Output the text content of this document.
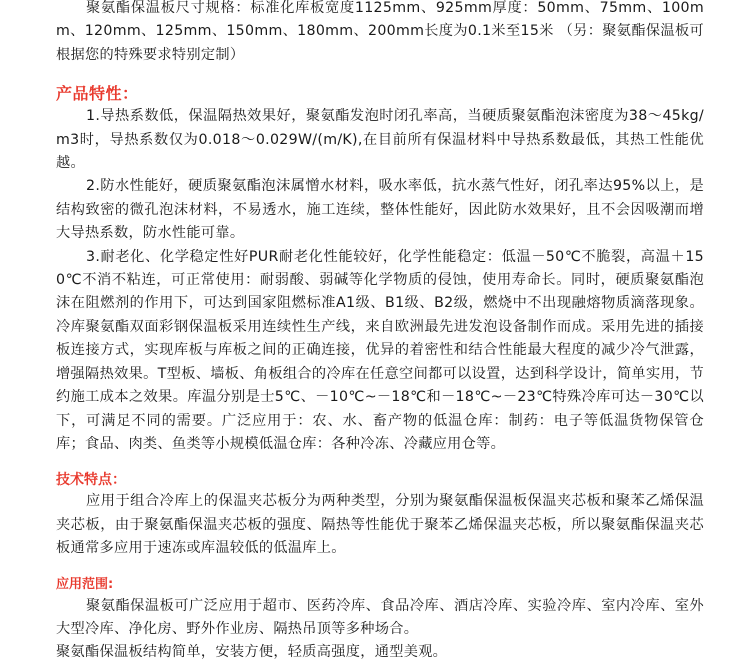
聚氨酯保温板尺寸规格：标准化库板宽度1125mm、925mm厚度：50mm、75mm、100mm、120mm、125mm、150mm、180mm、200mm长度为0.1米至15米 （另：聚氨酯保温板可根据您的特殊要求特别定制）

产品特性：

1.导热系数低，保温隔热效果好，聚氨酯发泡时闭孔率高，当硬质聚氨酯泡沫密度为38～45kg/m3时，导热系数仅为0.018～0.029W/(m/K),在目前所有保温材料中导热系数最低，其热工性能优越。

2.防水性能好，硬质聚氨酯泡沫属憎水材料，吸水率低，抗水蒸气性好，闭孔率达95%以上，是结构致密的微孔泡沫材料，不易透水，施工连续，整体性能好，因此防水效果好，且不会因吸潮而增大导热系数，防水性能可靠。

3.耐老化、化学稳定性好PUR耐老化性能较好，化学性能稳定：低温－50℃不脆裂，高温＋150℃不消不粘连，可正常使用：耐弱酸、弱碱等化学物质的侵蚀，使用寿命长。同时，硬质聚氨酯泡沫在阻燃剂的作用下，可达到国家阻燃标准A1级、B1级、B2级，燃烧中不出现融熔物质滴落现象。冷库聚氨酯双面彩钢保温板采用连续性生产线，来自欧洲最先进发泡设备制作而成。采用先进的插接板连接方式，实现库板与库板之间的正确连接，优异的着密性和结合性能最大程度的减少冷气泄露，增强隔热效果。T型板、墙板、角板组合的冷库在任意空间都可以设置，达到科学设计，简单实用，节约施工成本之效果。库温分别是士5℃、－10℃~－18℃和－18℃~－23℃特殊冷库可达－30℃以下，可满足不同的需要。广泛应用于：农、水、畜产物的低温仓库：制药：电子等低温货物保管仓库；食品、肉类、鱼类等小规模低温仓库：各种冷冻、冷藏应用仓等。

技术特点：

应用于组合冷库上的保温夹芯板分为两种类型，分别为聚氨酯保温板保温夹芯板和聚苯乙烯保温夹芯板，由于聚氨酯保温夹芯板的强度、隔热等性能优于聚苯乙烯保温夹芯板，所以聚氨酯保温夹芯板通常多应用于速冻或库温较低的低温库上。

应用范围:

聚氨酯保温板可广泛应用于超市、医药冷库、食品冷库、酒店冷库、实验冷库、室内冷库、室外大型冷库、净化房、野外作业房、隔热吊顶等多种场合。

聚氨酯保温板结构简单，安装方便，轻质高强度，通型美观。
